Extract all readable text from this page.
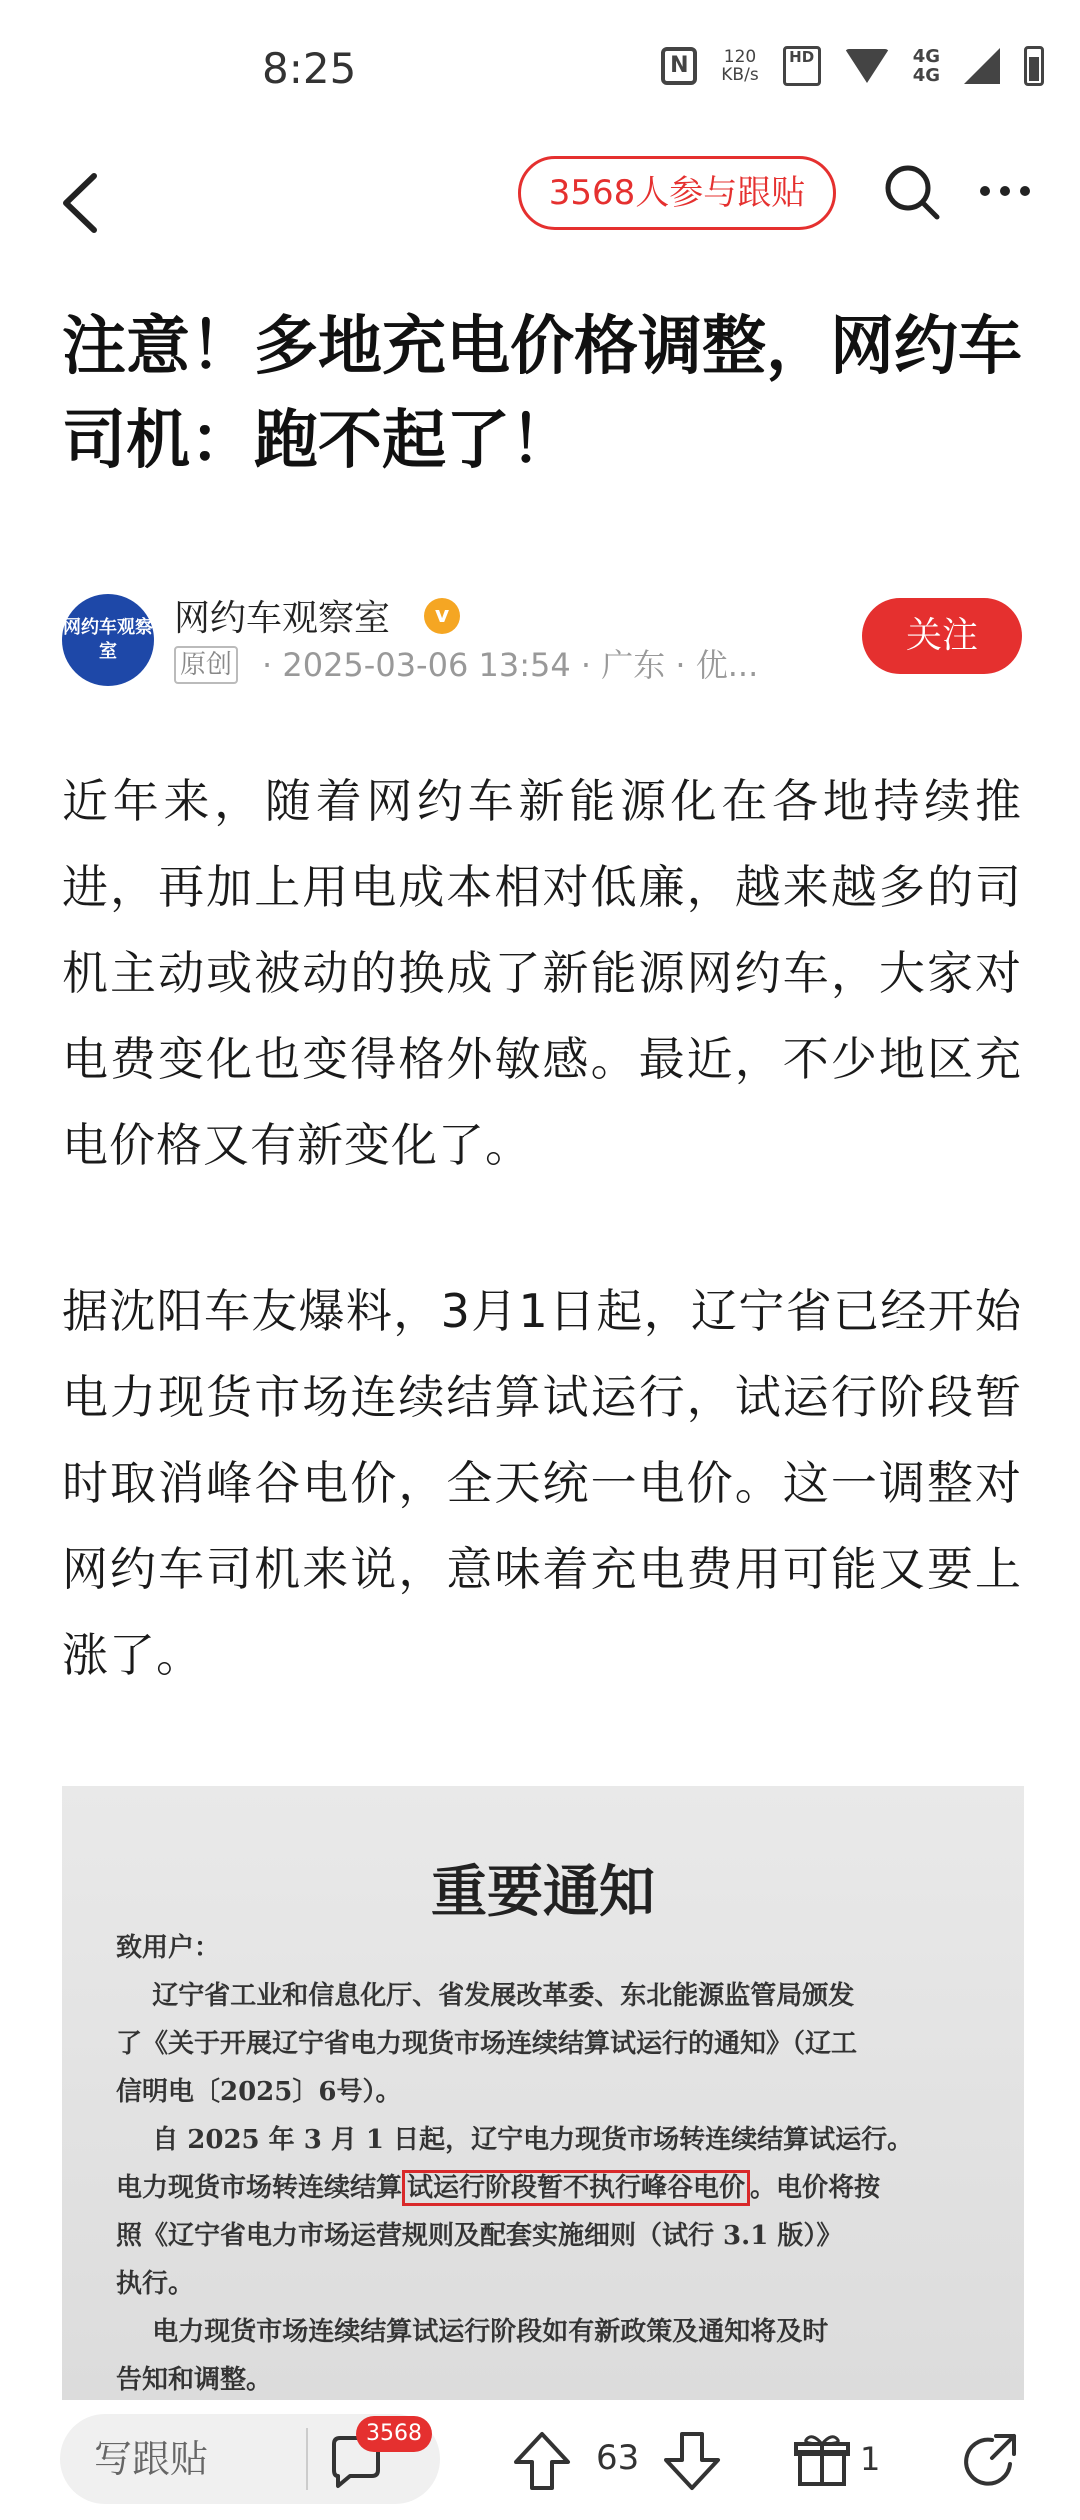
8:25	N	120
KB/s
HD	4G
4G
3568人参与跟贴
注意！多地充电价格调整，网约车司机：跑不起了！
网约车观察室
网约车观察室	v
原创 · 2025-03-06 13:54 · 广东 · 优...
关注
近年来，随着网约车新能源化在各地持续推进，再加上用电成本相对低廉，越来越多的司机主动或被动的换成了新能源网约车，大家对电费变化也变得格外敏感。最近，不少地区充电价格又有新变化了。
据沈阳车友爆料，3月1日起，辽宁省已经开始电力现货市场连续结算试运行，试运行阶段暂时取消峰谷电价，全天统一电价。这一调整对网约车司机来说，意味着充电费用可能又要上涨了。
重要通知
致用户：
辽宁省工业和信息化厅、省发展改革委、东北能源监管局颁发
了《关于开展辽宁省电力现货市场连续结算试运行的通知》（辽工
信明电〔2025〕6号）。
自 2025 年 3 月 1 日起，辽宁电力现货市场转连续结算试运行。
电力现货市场转连续结算 试运行阶段暂不执行峰谷电价 。电价将按
照《辽宁省电力市场运营规则及配套实施细则（试行 3.1 版）》
执行。
电力现货市场连续结算试运行阶段如有新政策及通知将及时
告知和调整。
写跟贴
3568
63	1
